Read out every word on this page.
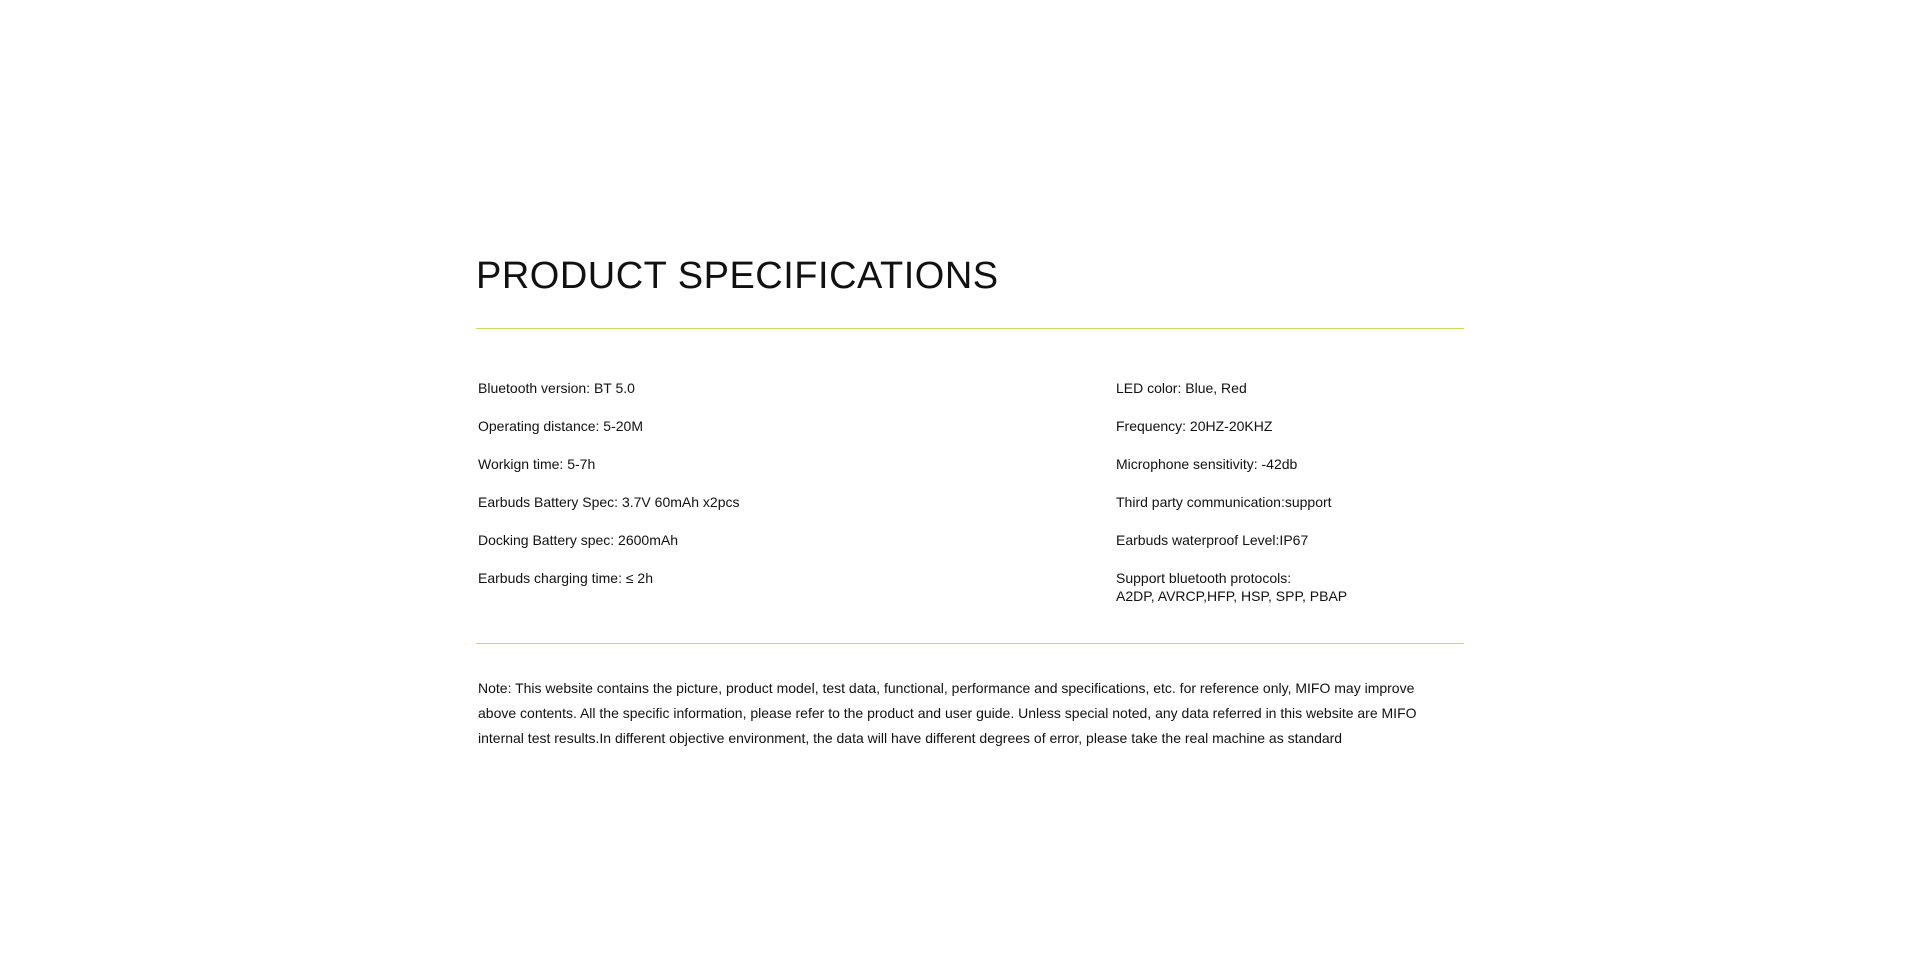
PRODUCT SPECIFICATIONS
Bluetooth version: BT 5.0
Operating distance: 5-20M
Workign time: 5-7h
Earbuds Battery Spec: 3.7V 60mAh x2pcs
Docking Battery spec: 2600mAh
Earbuds charging time: ≤ 2h
LED color: Blue, Red
Frequency: 20HZ-20KHZ
Microphone sensitivity: -42db
Third party communication:support
Earbuds waterproof Level:IP67
Support bluetooth protocols:
A2DP, AVRCP,HFP, HSP, SPP, PBAP
Note: This website contains the picture, product model, test data, functional, performance and specifications, etc. for reference only, MIFO may improve
above contents. All the specific information, please refer to the product and user guide. Unless special noted, any data referred in this website are MIFO
internal test results.In different objective environment, the data will have different degrees of error, please take the real machine as standard
